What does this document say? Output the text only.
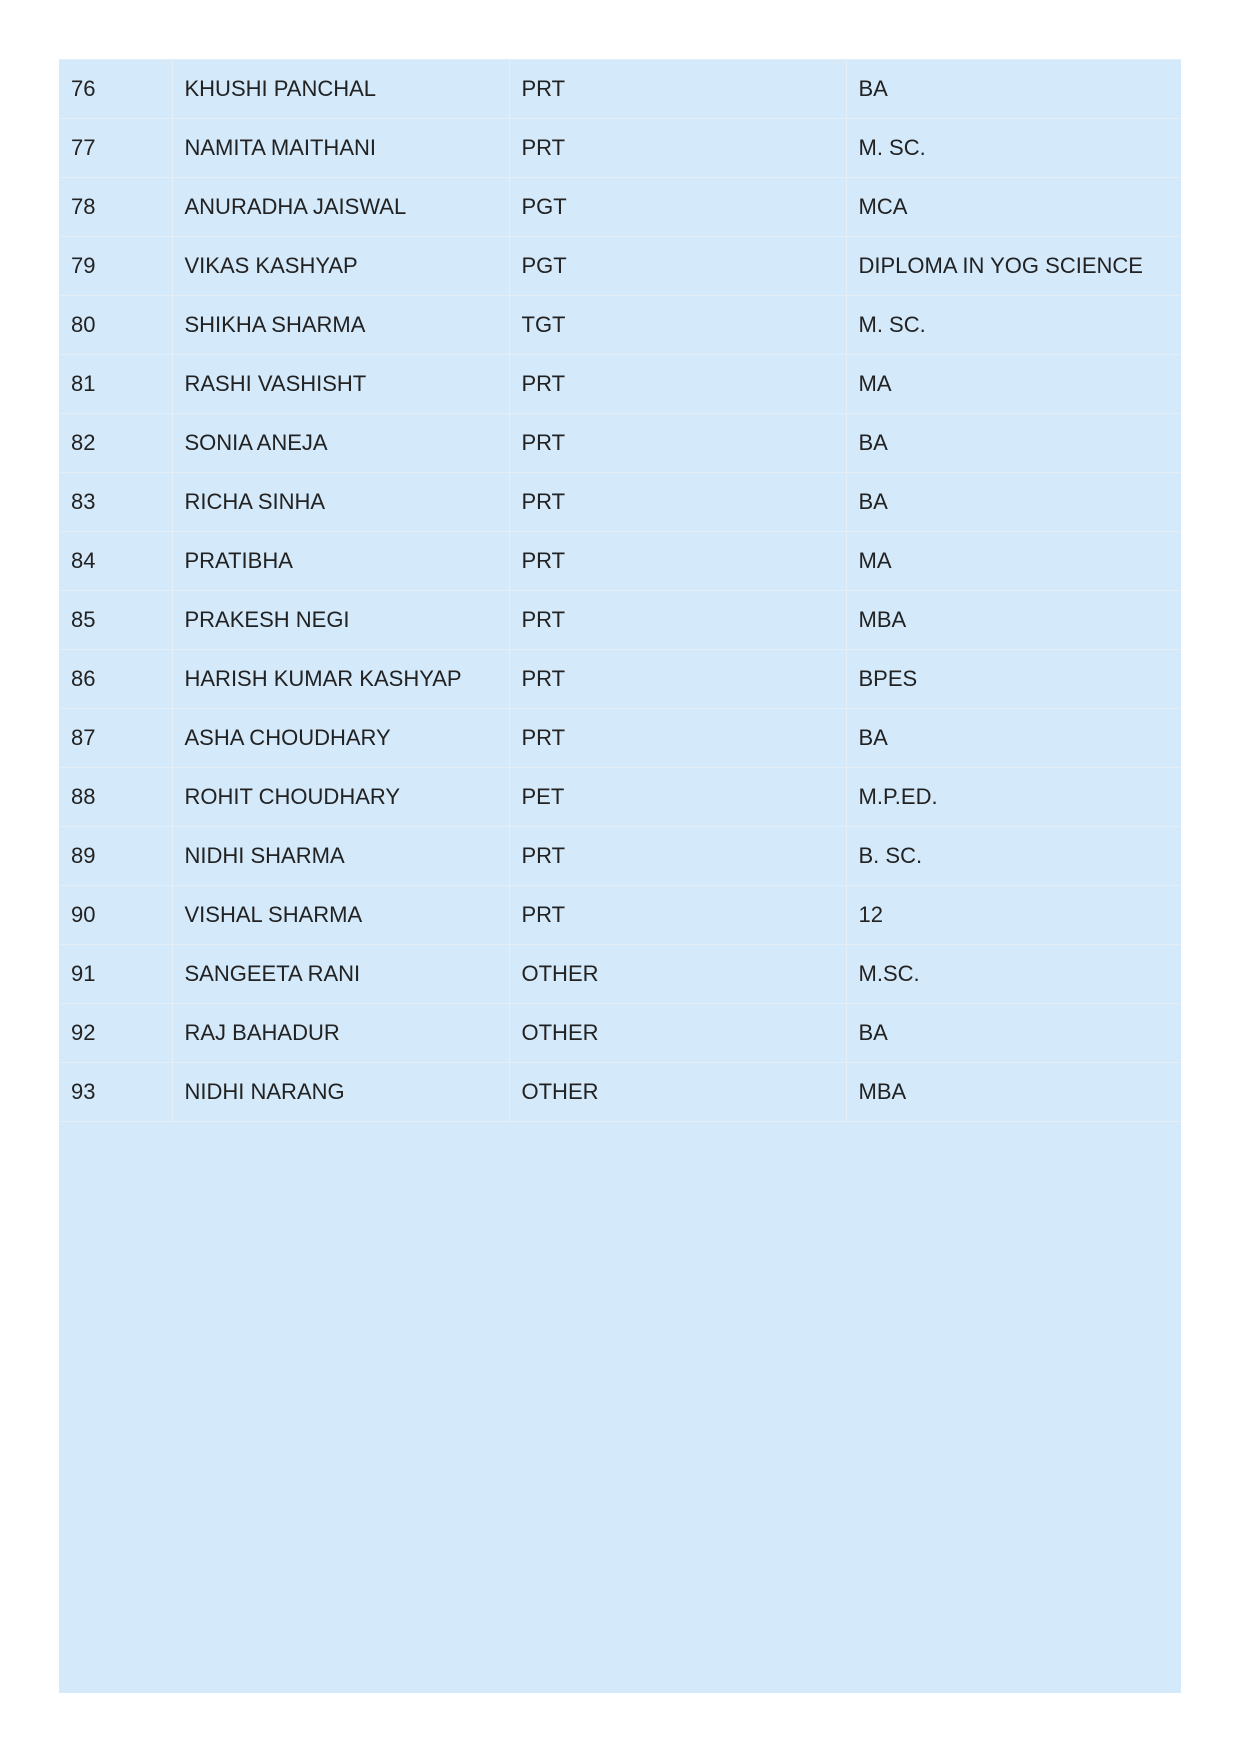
76	KHUSHI PANCHAL	PRT	BA
77	NAMITA MAITHANI	PRT	M. SC.
78	ANURADHA JAISWAL	PGT	MCA
79	VIKAS KASHYAP	PGT	DIPLOMA IN YOG SCIENCE
80	SHIKHA SHARMA	TGT	M. SC.
81	RASHI VASHISHT	PRT	MA
82	SONIA ANEJA	PRT	BA
83	RICHA SINHA	PRT	BA
84	PRATIBHA	PRT	MA
85	PRAKESH NEGI	PRT	MBA
86	HARISH KUMAR KASHYAP	PRT	BPES
87	ASHA CHOUDHARY	PRT	BA
88	ROHIT CHOUDHARY	PET	M.P.ED.
89	NIDHI SHARMA	PRT	B. SC.
90	VISHAL SHARMA	PRT	12
91	SANGEETA RANI	OTHER	M.SC.
92	RAJ BAHADUR	OTHER	BA
93	NIDHI NARANG	OTHER	MBA
